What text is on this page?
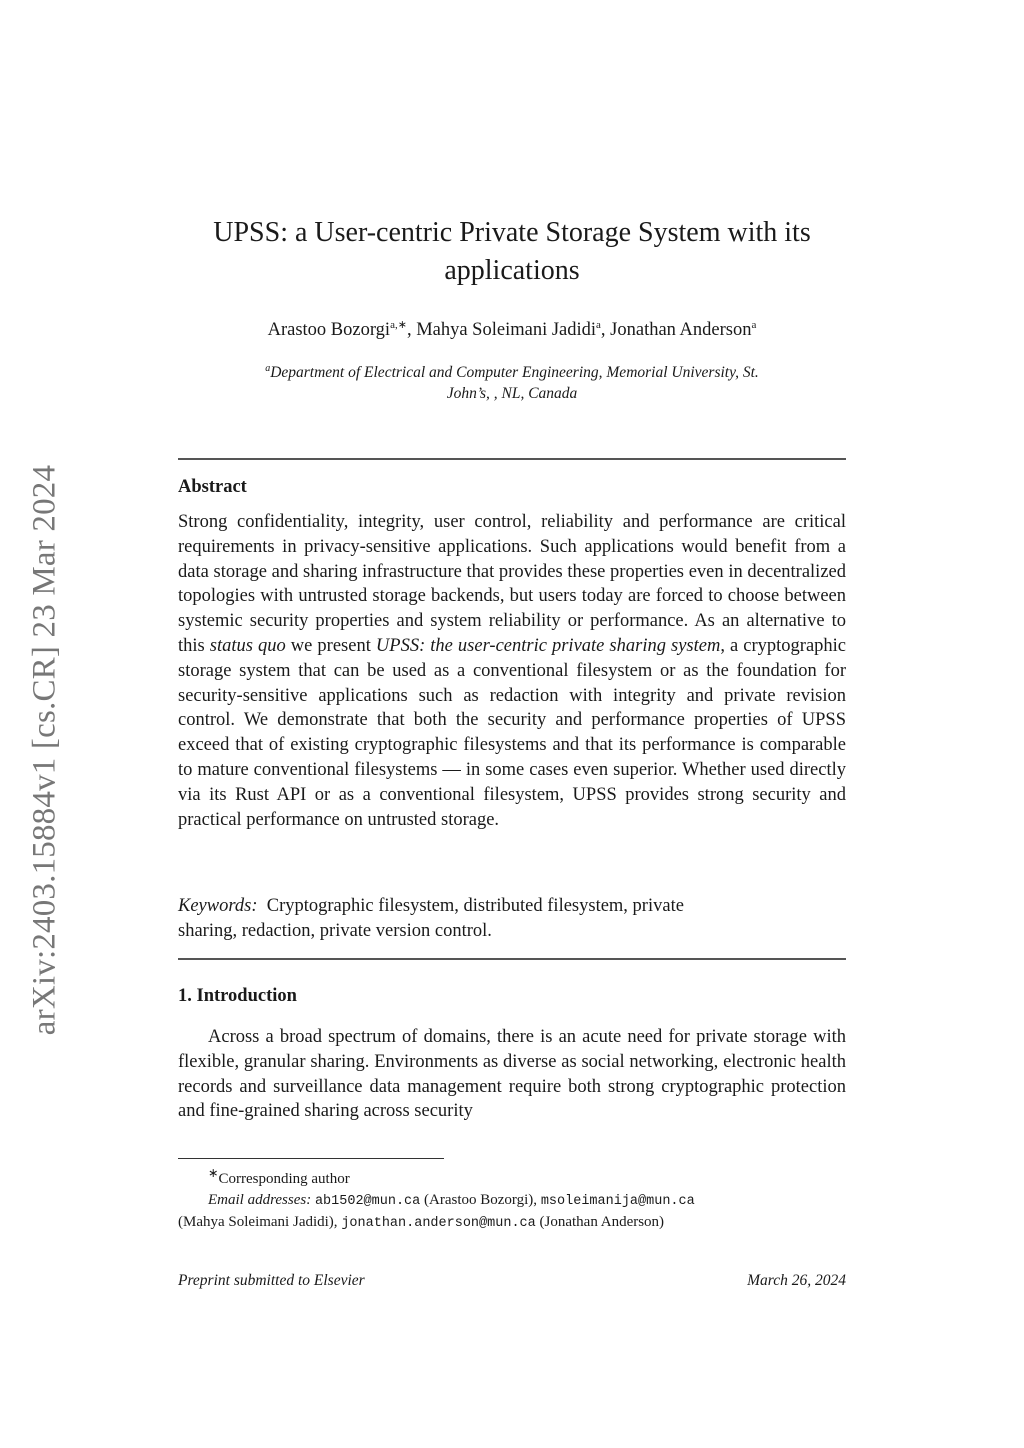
arXiv:2403.15884v1 [cs.CR] 23 Mar 2024
UPSS: a User-centric Private Storage System with its
applications
Arastoo Bozorgi$^{a,∗}$, Mahya Soleimani Jadidi$^a$, Jonathan Anderson$^a$
$^a$Department of Electrical and Computer Engineering, Memorial University, St.
John’s, , NL, Canada
Abstract
Strong confidentiality, integrity, user control, reliability and performance are critical requirements in privacy-sensitive applications. Such applications would benefit from a data storage and sharing infrastructure that provides these properties even in decentralized topologies with untrusted storage backends, but users today are forced to choose between systemic security properties and system reliability or performance. As an alternative to this status quo we present UPSS: the user-centric private sharing system, a cryptographic storage system that can be used as a conventional filesystem or as the foundation for security-sensitive applications such as redaction with integrity and private revision control. We demonstrate that both the security and performance properties of UPSS exceed that of existing cryptographic filesystems and that its performance is comparable to mature conventional filesystems — in some cases even superior. Whether used directly via its Rust API or as a conventional filesystem, UPSS provides strong security and practical performance on untrusted storage.
Keywords: Cryptographic filesystem, distributed filesystem, private
sharing, redaction, private version control.
1. Introduction
Across a broad spectrum of domains, there is an acute need for private storage with flexible, granular sharing. Environments as diverse as social networking, electronic health records and surveillance data management require both strong cryptographic protection and fine-grained sharing across security
∗Corresponding author
Email addresses: ab1502@mun.ca (Arastoo Bozorgi), msoleimanija@mun.ca
(Mahya Soleimani Jadidi), jonathan.anderson@mun.ca (Jonathan Anderson)
Preprint submitted to Elsevier	March 26, 2024
